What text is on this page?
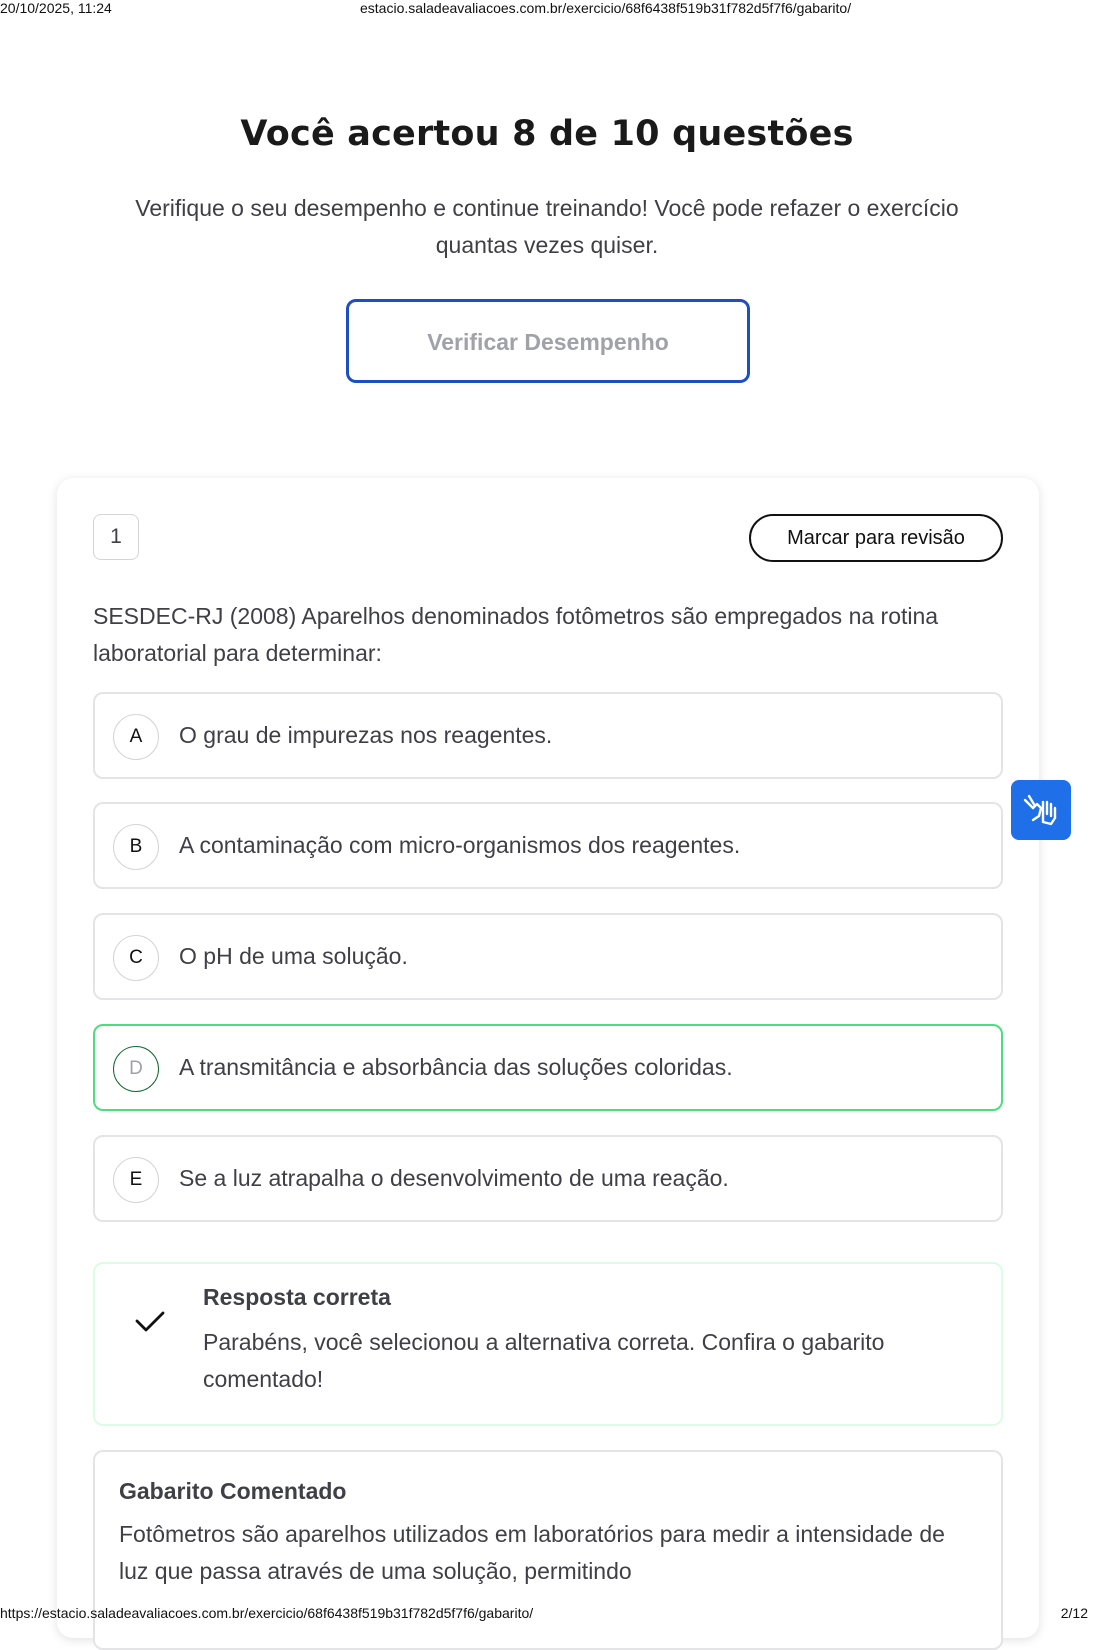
20/10/2025, 11:24	estacio.saladeavaliacoes.com.br/exercicio/68f6438f519b31f782d5f7f6/gabarito/
Você acertou 8 de 10 questões

Verifique o seu desempenho e continue treinando! Você pode refazer o exercício quantas vezes quiser.

Verificar Desempenho
1	Marcar para revisão

SESDEC-RJ (2008) Aparelhos denominados fotômetros são empregados na rotina laboratorial para determinar:

A	O grau de impurezas nos reagentes.
B	A contaminação com micro-organismos dos reagentes.
C	O pH de uma solução.
D	A transmitância e absorbância das soluções coloridas.
E	Se a luz atrapalha o desenvolvimento de uma reação.
Resposta correta

Parabéns, você selecionou a alternativa correta. Confira o gabarito comentado!

Gabarito Comentado

Fotômetros são aparelhos utilizados em laboratórios para medir a intensidade de luz que passa através de uma solução, permitindo

https://estacio.saladeavaliacoes.com.br/exercicio/68f6438f519b31f782d5f7f6/gabarito/	2/12
